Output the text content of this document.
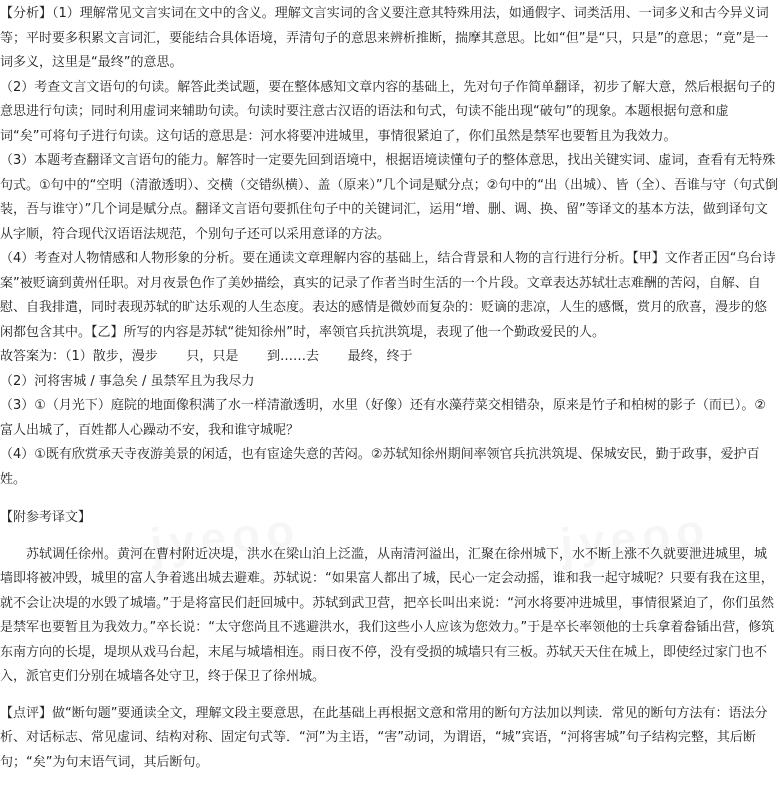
【分析】（1）理解常见文言实词在文中的含义。理解文言实词的含义要注意其特殊用法，如通假字、词类活用、一词多义和古今异义词等；平时要多积累文言词汇，要能结合具体语境，弄清句子的意思来辨析推断，揣摩其意思。比如“但”是“只，只是”的意思；“竟”是一词多义，这里是“最终”的意思。

（2）考查文言文语句的句读。解答此类试题，要在整体感知文章内容的基础上，先对句子作简单翻译，初步了解大意，然后根据句子的意思进行句读；同时利用虚词来辅助句读。句读时要注意古汉语的语法和句式，句读不能出现“破句”的现象。本题根据句意和虚词“矣”可将句子进行句读。这句话的意思是：河水将要冲进城里，事情很紧迫了，你们虽然是禁军也要暂且为我效力。

（3）本题考查翻译文言语句的能力。解答时一定要先回到语境中，根据语境读懂句子的整体意思，找出关键实词、虚词，查看有无特殊句式。①句中的“空明（清澈透明）、交横（交错纵横）、盖（原来）”几个词是赋分点；②句中的“出（出城）、皆（全）、吾谁与守（句式倒装，吾与谁守）”几个词是赋分点。翻译文言语句要抓住句子中的关键词汇，运用“增、删、调、换、留”等译文的基本方法，做到译句文从字顺，符合现代汉语语法规范，个别句子还可以采用意译的方法。

（4）考查对人物情感和人物形象的分析。要在通读文章理解内容的基础上，结合背景和人物的言行进行分析。【甲】文作者正因“乌台诗案”被贬谪到黄州任职。对月夜景色作了美妙描绘，真实的记录了作者当时生活的一个片段。文章表达苏轼壮志难酬的苦闷，自解、自慰、自我排遣，同时表现苏轼的旷达乐观的人生态度。表达的感情是微妙而复杂的：贬谪的悲凉，人生的感慨，赏月的欣喜，漫步的悠闲都包含其中。【乙】所写的内容是苏轼“徙知徐州”时，率领官兵抗洪筑堤，表现了他一个勤政爱民的人。

故答案为：（1）散步，漫步 只，只是 到……去 最终，终于

（2）河将害城 / 事急矣 / 虽禁军且为我尽力

（3）①（月光下）庭院的地面像积满了水一样清澈透明，水里（好像）还有水藻荇菜交相错杂，原来是竹子和柏树的影子（而已）。②富人出城了，百姓都人心躁动不安，我和谁守城呢？

（4）①既有欣赏承天寺夜游美景的闲适，也有宦途失意的苦闷。②苏轼知徐州期间率领官兵抗洪筑堤、保城安民，勤于政事，爱护百姓。

【附参考译文】

苏轼调任徐州。黄河在曹村附近决堤，洪水在梁山泊上泛滥，从南清河溢出，汇聚在徐州城下，水不断上涨不久就要泄进城里，城墙即将被冲毁，城里的富人争着逃出城去避难。苏轼说：“如果富人都出了城，民心一定会动摇，谁和我一起守城呢？只要有我在这里，就不会让决堤的水毁了城墙。”于是将富民们赶回城中。苏轼到武卫营，把卒长叫出来说：“河水将要冲进城里，事情很紧迫了，你们虽然是禁军也要暂且为我效力。”卒长说：“太守您尚且不逃避洪水，我们这些小人应该为您效力。”于是卒长率领他的士兵拿着畚锸出营，修筑东南方向的长堤，堤坝从戏马台起，末尾与城墙相连。雨日夜不停，没有受损的城墙只有三板。苏轼天天住在城上，即使经过家门也不入，派官吏们分别在城墙各处守卫，终于保卫了徐州城。

【点评】做“断句题”要通读全文，理解文段主要意思，在此基础上再根据文意和常用的断句方法加以判读．常见的断句方法有：语法分析、对话标志、常见虚词、结构对称、固定句式等．“河”为主语，“害”动词，为谓语，“城”宾语，“河将害城”句子结构完整，其后断句；“矣”为句末语气词，其后断句。
